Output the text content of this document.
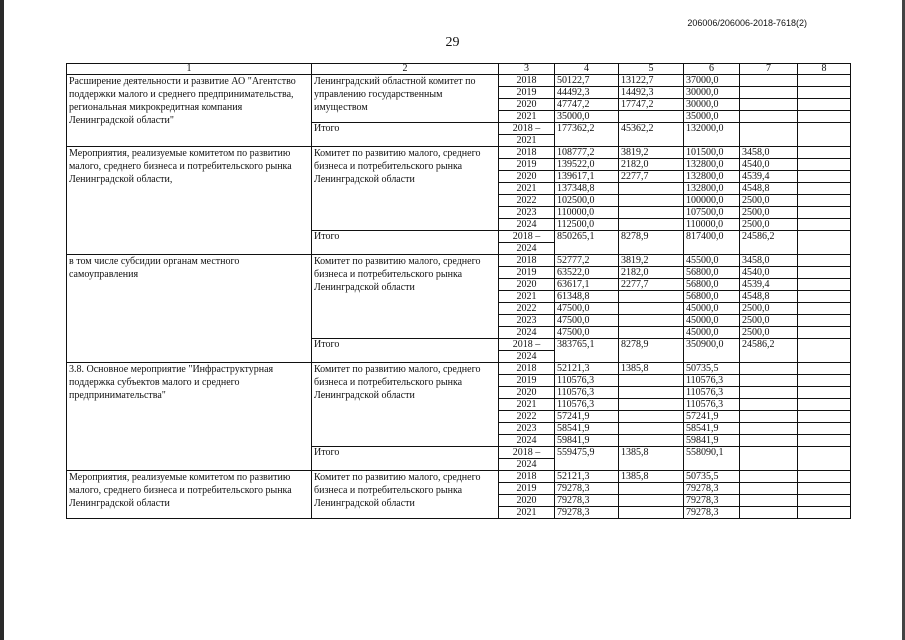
206006/206006-2018-7618(2)
29
1	2	3	4	5	6	7	8
Расширение деятельности и развитие АО "Агентство поддержки малого и среднего предпринимательства, региональная микрокредитная компания Ленинградской области"	Ленинградский областной комитет по управлению государственным имуществом	2018	50122,7	13122,7	37000,0		
		2019	44492,3	14492,3	30000,0		
		2020	47747,2	17747,2	30000,0		
		2021	35000,0		35000,0		
	Итого	2018 –	177362,2	45362,2	132000,0		
		2021					
Мероприятия, реализуемые комитетом по развитию малого, среднего бизнеса и потребительского рынка Ленинградской области,	Комитет по развитию малого, среднего бизнеса и потребительского рынка Ленинградской области	2018	108777,2	3819,2	101500,0	3458,0	
		2019	139522,0	2182,0	132800,0	4540,0	
		2020	139617,1	2277,7	132800,0	4539,4	
		2021	137348,8		132800,0	4548,8	
		2022	102500,0		100000,0	2500,0	
		2023	110000,0		107500,0	2500,0	
		2024	112500,0		110000,0	2500,0	
	Итого	2018 –	850265,1	8278,9	817400,0	24586,2	
		2024					
в том числе субсидии органам местного самоуправления	Комитет по развитию малого, среднего бизнеса и потребительского рынка Ленинградской области	2018	52777,2	3819,2	45500,0	3458,0	
		2019	63522,0	2182,0	56800,0	4540,0	
		2020	63617,1	2277,7	56800,0	4539,4	
		2021	61348,8		56800,0	4548,8	
		2022	47500,0		45000,0	2500,0	
		2023	47500,0		45000,0	2500,0	
		2024	47500,0		45000,0	2500,0	
	Итого	2018 –	383765,1	8278,9	350900,0	24586,2	
		2024					
3.8. Основное мероприятие "Инфраструктурная поддержка субъектов малого и среднего предпринимательства"	Комитет по развитию малого, среднего бизнеса и потребительского рынка Ленинградской области	2018	52121,3	1385,8	50735,5		
		2019	110576,3		110576,3		
		2020	110576,3		110576,3		
		2021	110576,3		110576,3		
		2022	57241,9		57241,9		
		2023	58541,9		58541,9		
		2024	59841,9		59841,9		
	Итого	2018 –	559475,9	1385,8	558090,1		
		2024					
Мероприятия, реализуемые комитетом по развитию малого, среднего бизнеса и потребительского рынка Ленинградской области	Комитет по развитию малого, среднего бизнеса и потребительского рынка Ленинградской области	2018	52121,3	1385,8	50735,5		
		2019	79278,3		79278,3		
		2020	79278,3		79278,3		
		2021	79278,3		79278,3		
